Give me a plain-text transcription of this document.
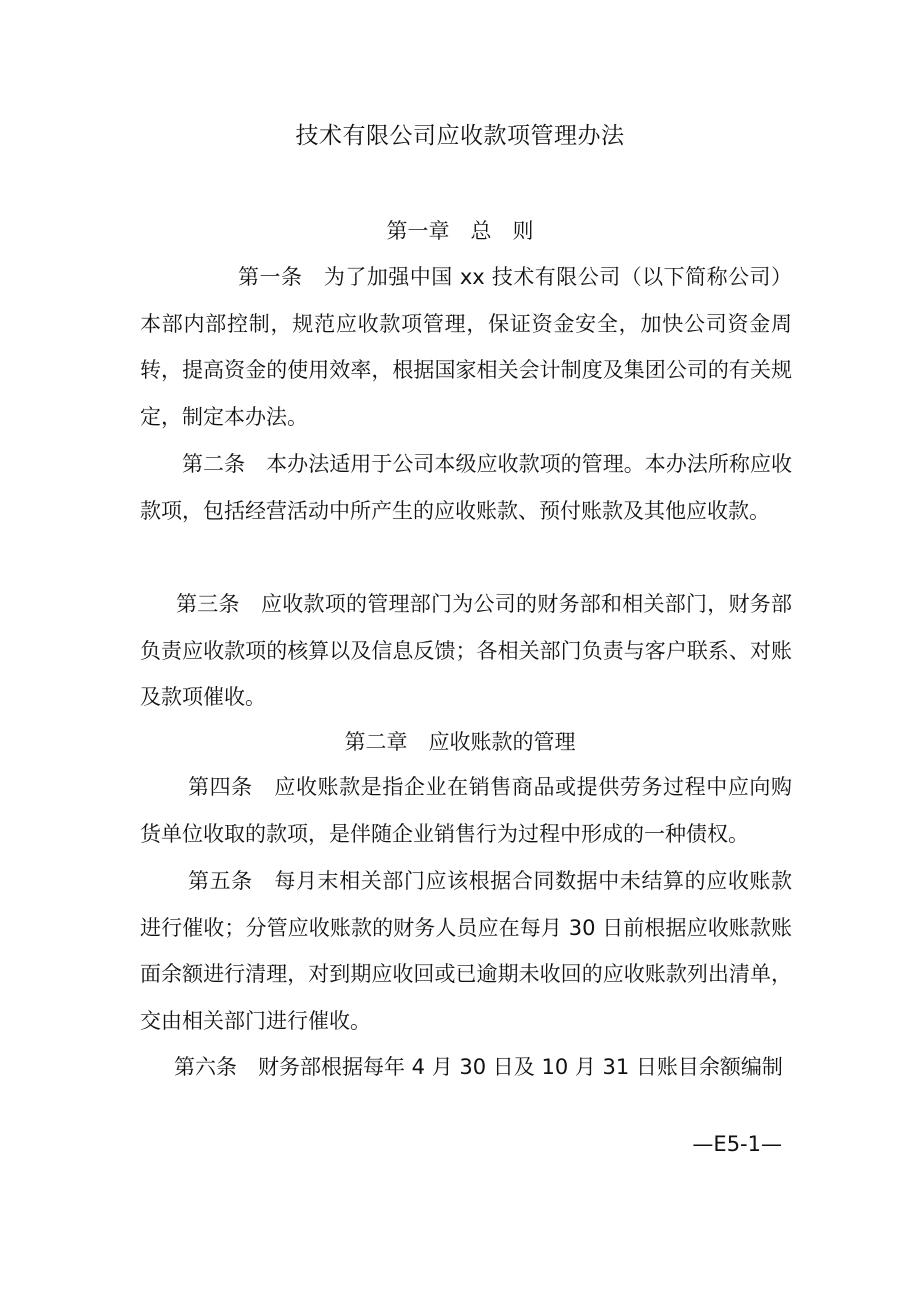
技术有限公司应收款项管理办法
第一章　总　则
第一条　为了加强中国 xx 技术有限公司（以下简称公司）本部内部控制，规范应收款项管理，保证资金安全，加快公司资金周转，提高资金的使用效率，根据国家相关会计制度及集团公司的有关规定，制定本办法。
第二条　本办法适用于公司本级应收款项的管理。本办法所称应收款项，包括经营活动中所产生的应收账款、预付账款及其他应收款。
第三条　应收款项的管理部门为公司的财务部和相关部门，财务部负责应收款项的核算以及信息反馈；各相关部门负责与客户联系、对账及款项催收。
第二章　应收账款的管理
第四条　应收账款是指企业在销售商品或提供劳务过程中应向购货单位收取的款项，是伴随企业销售行为过程中形成的一种债权。
第五条　每月末相关部门应该根据合同数据中未结算的应收账款进行催收；分管应收账款的财务人员应在每月 30 日前根据应收账款账面余额进行清理，对到期应收回或已逾期未收回的应收账款列出清单，交由相关部门进行催收。
第六条　财务部根据每年 4 月 30 日及 10 月 31 日账目余额编制
—E5-1—
